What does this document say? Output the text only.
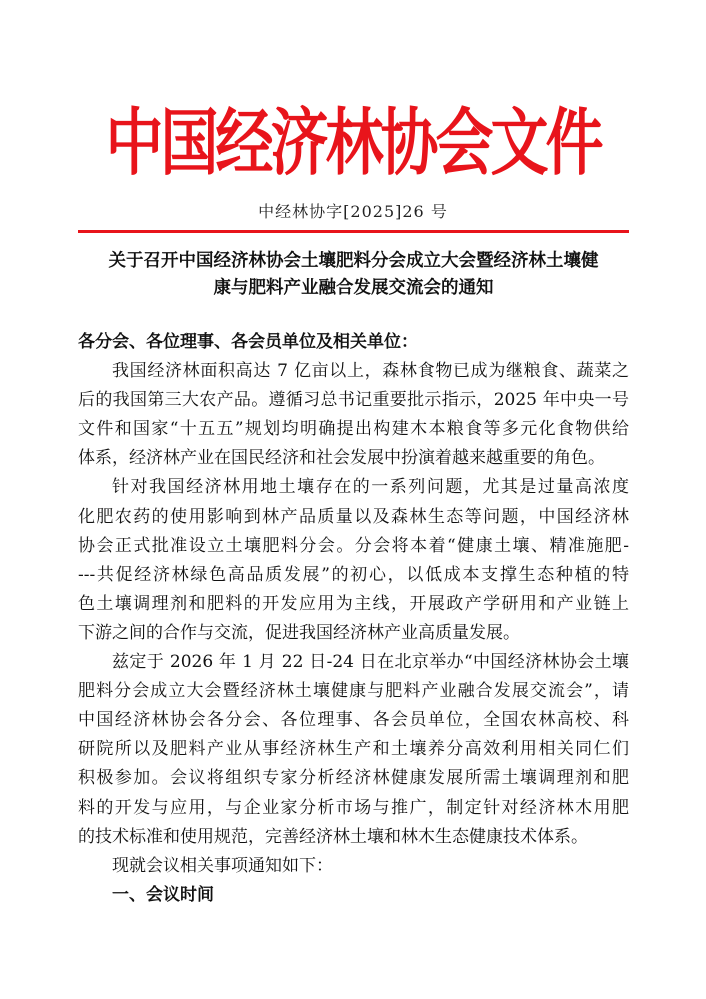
中国经济林协会文件
中经林协字[2025]26 号
关于召开中国经济林协会土壤肥料分会成立大会暨经济林土壤健
康与肥料产业融合发展交流会的通知
各分会、各位理事、各会员单位及相关单位：
我国经济林面积高达 7 亿亩以上，森林食物已成为继粮食、蔬菜之
后的我国第三大农产品。遵循习总书记重要批示指示，2025 年中央一号
文件和国家“十五五”规划均明确提出构建木本粮食等多元化食物供给
体系，经济林产业在国民经济和社会发展中扮演着越来越重要的角色。
针对我国经济林用地土壤存在的一系列问题，尤其是过量高浓度
化肥农药的使用影响到林产品质量以及森林生态等问题，中国经济林
协会正式批准设立土壤肥料分会。分会将本着“健康土壤、精准施肥-
---共促经济林绿色高品质发展”的初心，以低成本支撑生态种植的特
色土壤调理剂和肥料的开发应用为主线，开展政产学研用和产业链上
下游之间的合作与交流，促进我国经济林产业高质量发展。
兹定于 2026 年 1 月 22 日-24 日在北京举办“中国经济林协会土壤
肥料分会成立大会暨经济林土壤健康与肥料产业融合发展交流会”，请
中国经济林协会各分会、各位理事、各会员单位，全国农林高校、科
研院所以及肥料产业从事经济林生产和土壤养分高效利用相关同仁们
积极参加。会议将组织专家分析经济林健康发展所需土壤调理剂和肥
料的开发与应用，与企业家分析市场与推广，制定针对经济林木用肥
的技术标准和使用规范，完善经济林土壤和林木生态健康技术体系。
现就会议相关事项通知如下：
一、会议时间
